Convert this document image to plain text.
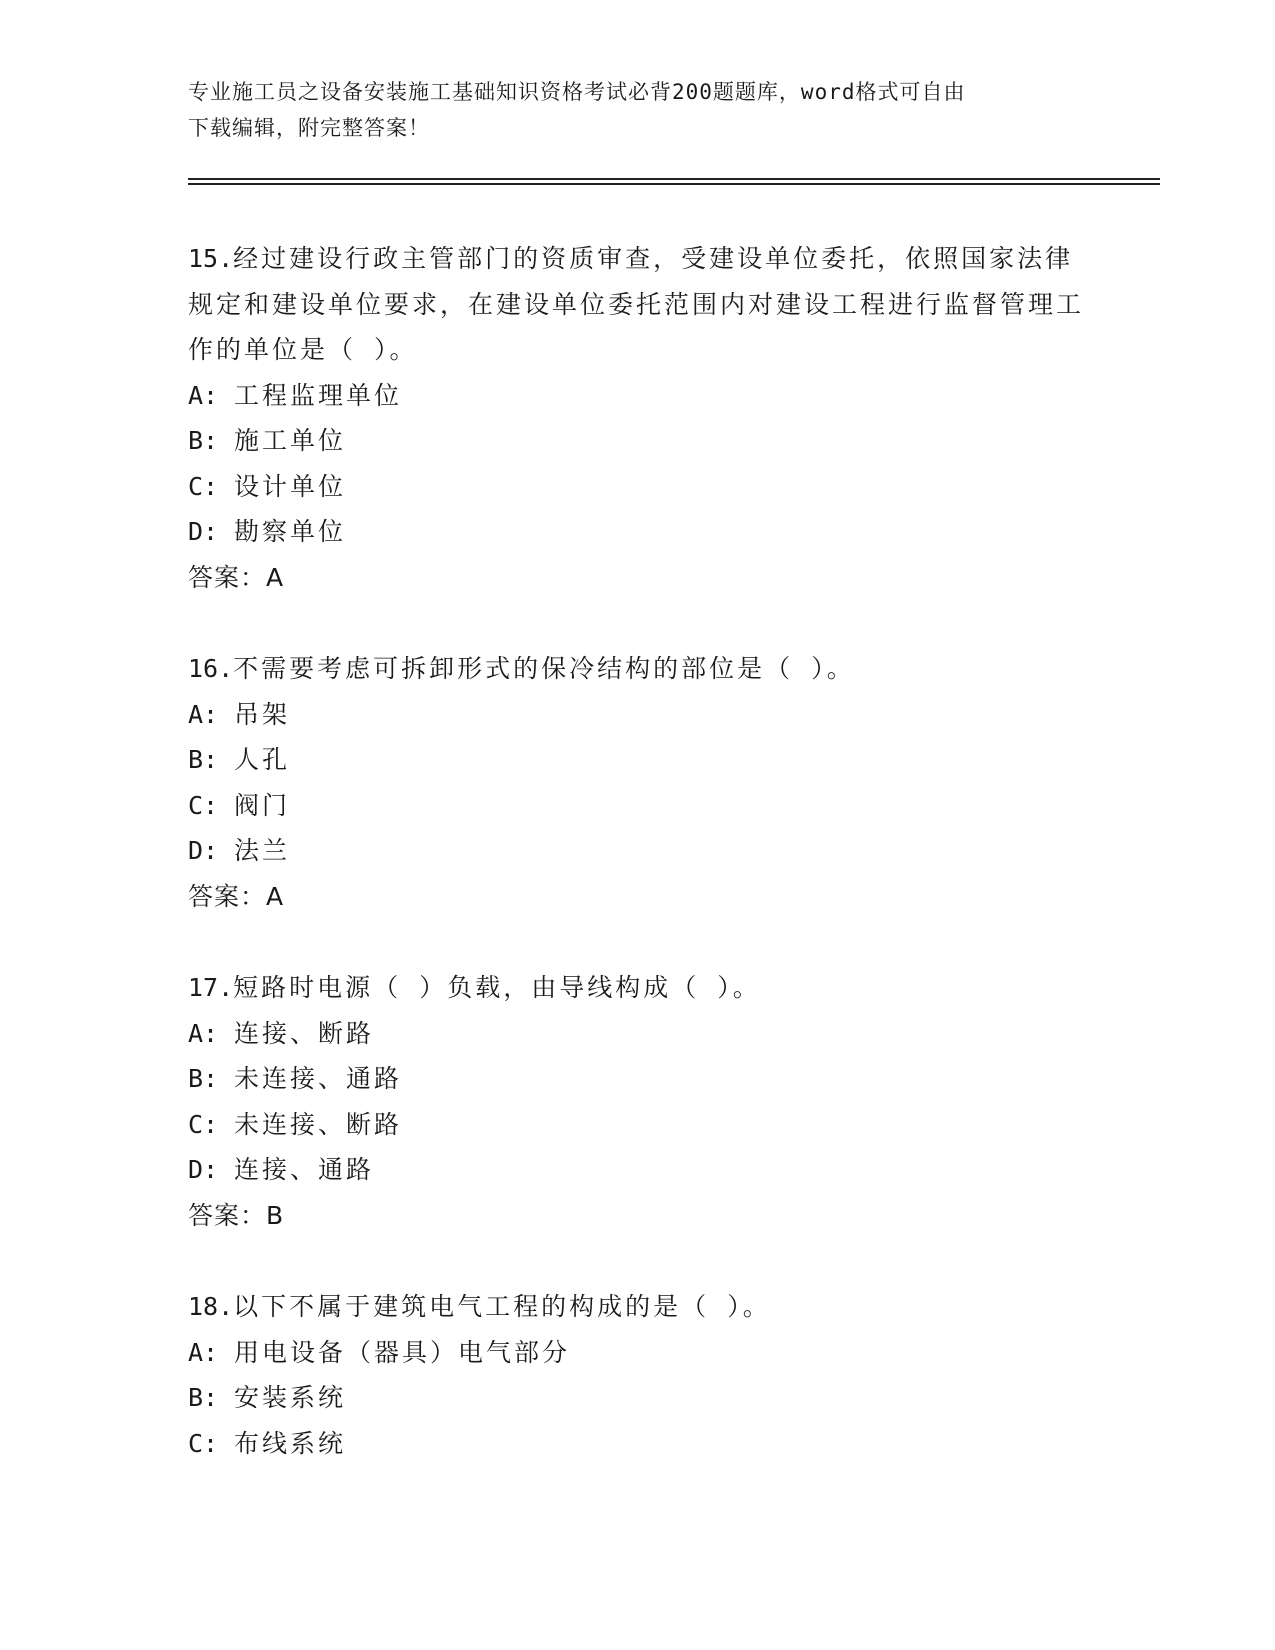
专业施工员之设备安装施工基础知识资格考试必背200题题库，word格式可自由
下载编辑，附完整答案！
15.经过建设行政主管部门的资质审查，受建设单位委托，依照国家法律规定和建设单位要求，在建设单位委托范围内对建设工程进行监督管理工作的单位是（ ）。
A: 工程监理单位
B: 施工单位
C: 设计单位
D: 勘察单位
答案：A
16.不需要考虑可拆卸形式的保冷结构的部位是（ ）。
A: 吊架
B: 人孔
C: 阀门
D: 法兰
答案：A
17.短路时电源（ ）负载，由导线构成（ ）。
A: 连接、断路
B: 未连接、通路
C: 未连接、断路
D: 连接、通路
答案：B
18.以下不属于建筑电气工程的构成的是（ ）。
A: 用电设备（器具）电气部分
B: 安装系统
C: 布线系统
